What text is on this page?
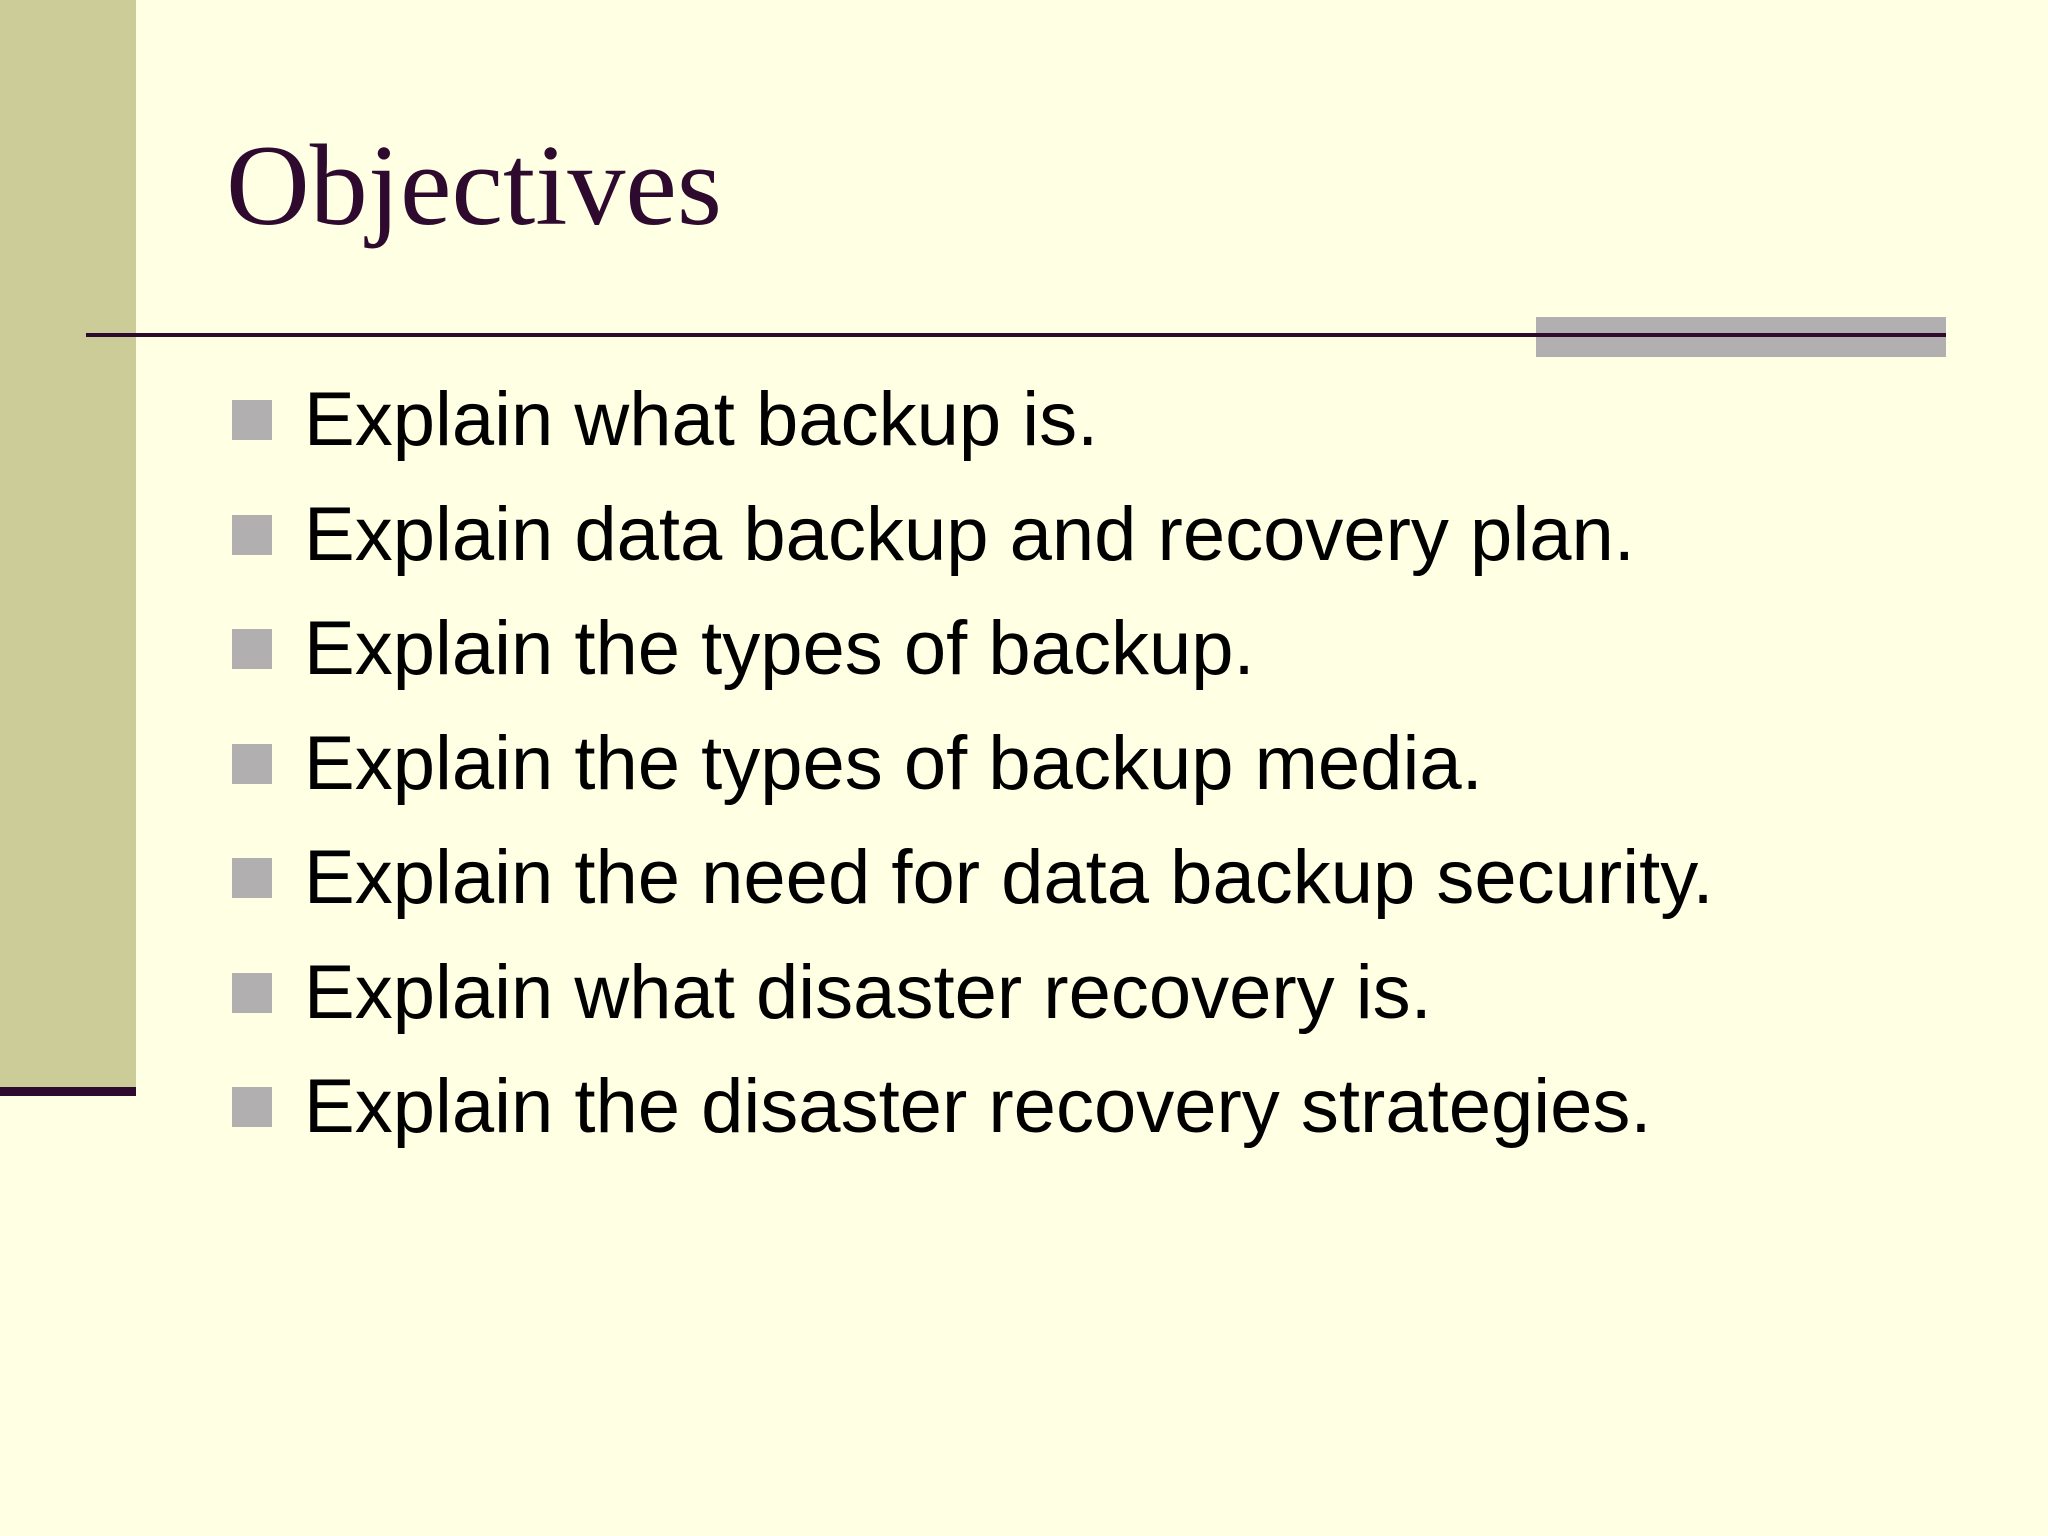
Objectives
Explain what backup is.
Explain data backup and recovery plan.
Explain the types of backup.
Explain the types of backup media.
Explain the need for data backup security.
Explain what disaster recovery is.
Explain the disaster recovery strategies.
